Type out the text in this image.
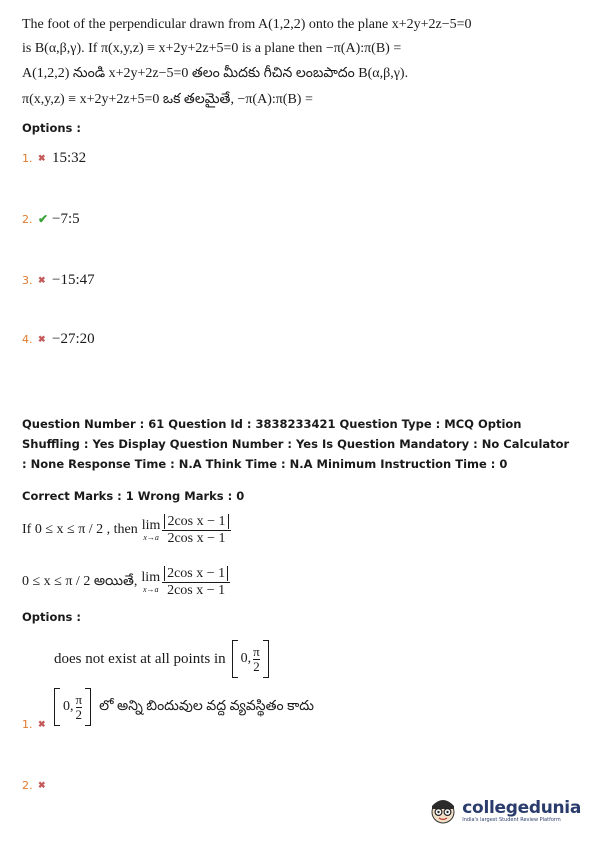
The foot of the perpendicular drawn from A(1,2,2) onto the plane x+2y+2z−5=0
is B(α,β,γ). If π(x,y,z) ≡ x+2y+2z+5=0 is a plane then −π(A):π(B) =
A(1,2,2) నుండి x+2y+2z−5=0 తలం మీదకు గీచిన లంబపాదం B(α,β,γ).
π(x,y,z) ≡ x+2y+2z+5=0 ఒక తలమైతే, −π(A):π(B) =
Options :
1. ✖ 15:32
2. ✔ −7:5
3. ✖ −15:47
4. ✖ −27:20
Question Number : 61 Question Id : 3838233421 Question Type : MCQ Option Shuffling : Yes Display Question Number : Yes Is Question Mandatory : No Calculator : None Response Time : N.A Think Time : N.A Minimum Instruction Time : 0
Correct Marks : 1 Wrong Marks : 0
If 0 ≤ x ≤ π / 2 , then lim
$x\to a \frac{\text{2cos x − 1}}{\text{2cos x − 1}}$
0 ≤ x ≤ π / 2 అయితే, lim
$x\to a \frac{\text{2cos x − 1}}{\text{2cos x − 1}}$
Options :
does not exist at all points in 0, $\frac{\pi}{2}$
1. ✖
0, $\frac{\pi}{2}$ లో అన్ని బిందువుల వద్ద వ్యవస్థితం కాదు
2. ✖
collegedunia
India's largest Student Review Platform
